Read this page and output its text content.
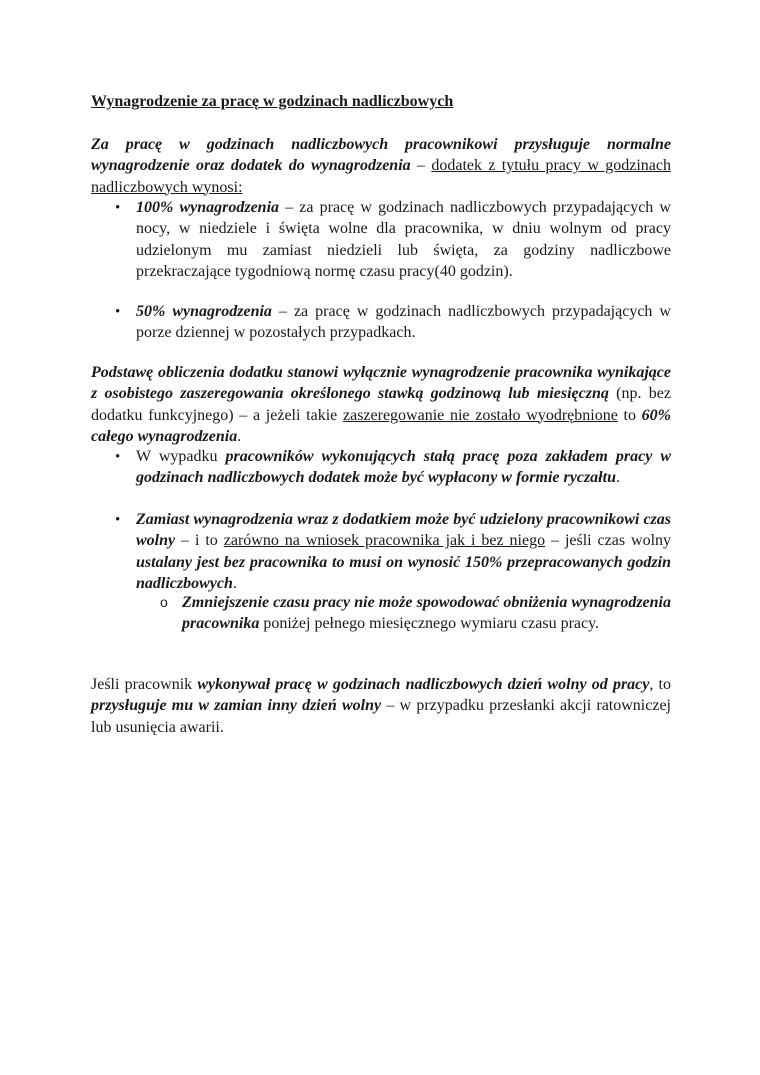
Wynagrodzenie za pracę w godzinach nadliczbowych
Za pracę w godzinach nadliczbowych pracownikowi przysługuje normalne wynagrodzenie oraz dodatek do wynagrodzenia – dodatek z tytułu pracy w godzinach nadliczbowych wynosi:
• 100% wynagrodzenia – za pracę w godzinach nadliczbowych przypadających w nocy, w niedziele i święta wolne dla pracownika, w dniu wolnym od pracy udzielonym mu zamiast niedzieli lub święta, za godziny nadliczbowe przekraczające tygodniową normę czasu pracy(40 godzin).
• 50% wynagrodzenia – za pracę w godzinach nadliczbowych przypadających w porze dziennej w pozostałych przypadkach.
Podstawę obliczenia dodatku stanowi wyłącznie wynagrodzenie pracownika wynikające z osobistego zaszeregowania określonego stawką godzinową lub miesięczną (np. bez dodatku funkcyjnego) – a jeżeli takie zaszeregowanie nie zostało wyodrębnione to 60% całego wynagrodzenia.
• W wypadku pracowników wykonujących stałą pracę poza zakładem pracy w godzinach nadliczbowych dodatek może być wypłacony w formie ryczałtu.
• Zamiast wynagrodzenia wraz z dodatkiem może być udzielony pracownikowi czas wolny – i to zarówno na wniosek pracownika jak i bez niego – jeśli czas wolny ustalany jest bez pracownika to musi on wynosić 150% przepracowanych godzin nadliczbowych.
o Zmniejszenie czasu pracy nie może spowodować obniżenia wynagrodzenia pracownika poniżej pełnego miesięcznego wymiaru czasu pracy.
Jeśli pracownik wykonywał pracę w godzinach nadliczbowych dzień wolny od pracy, to przysługuje mu w zamian inny dzień wolny – w przypadku przesłanki akcji ratowniczej lub usunięcia awarii.
